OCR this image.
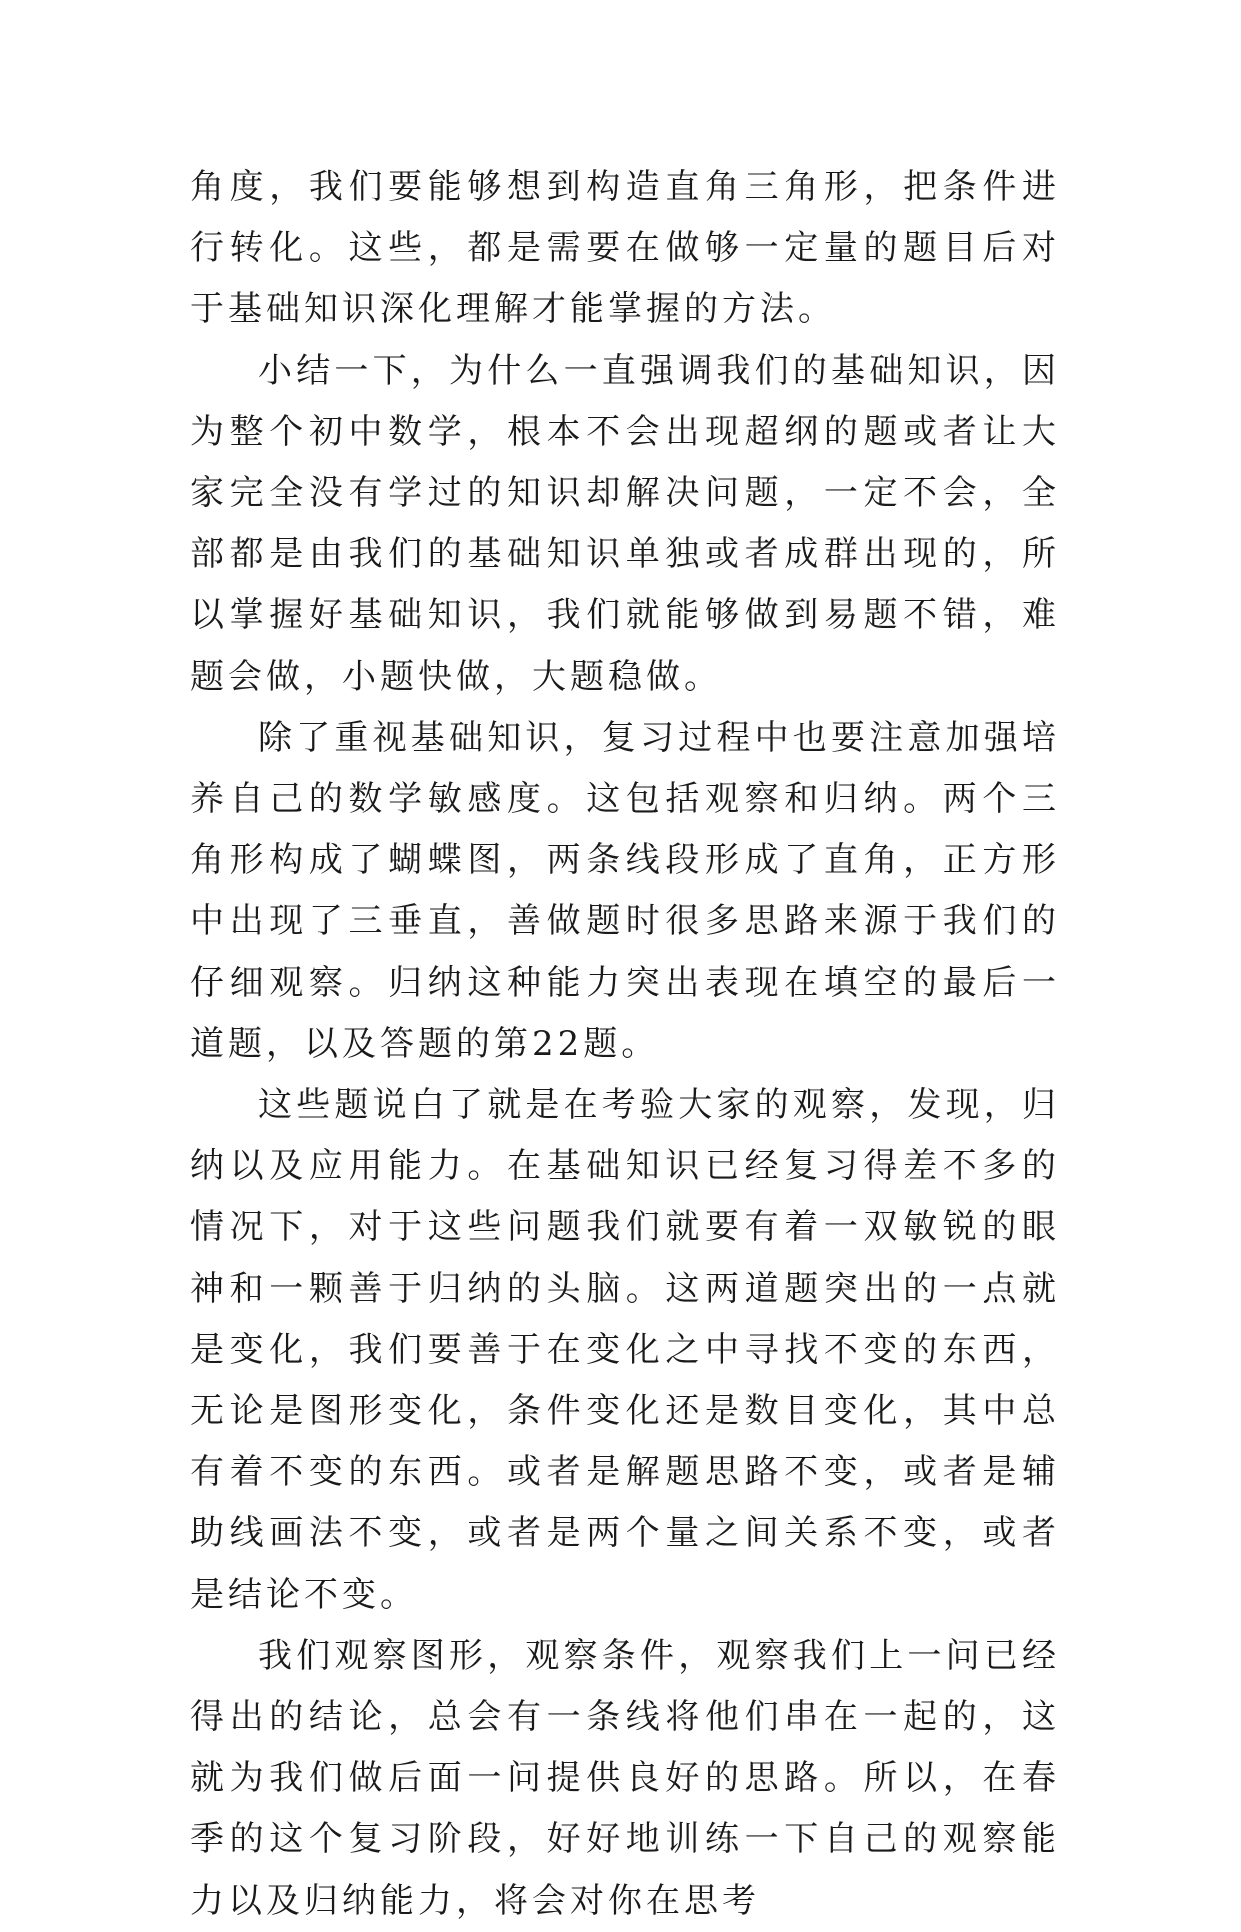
角度，我们要能够想到构造直角三角形，把条件进行转化。这些，都是需要在做够一定量的题目后对于基础知识深化理解才能掌握的方法。

小结一下，为什么一直强调我们的基础知识，因为整个初中数学，根本不会出现超纲的题或者让大家完全没有学过的知识却解决问题，一定不会，全部都是由我们的基础知识单独或者成群出现的，所以掌握好基础知识，我们就能够做到易题不错，难题会做，小题快做，大题稳做。

除了重视基础知识，复习过程中也要注意加强培养自己的数学敏感度。这包括观察和归纳。两个三角形构成了蝴蝶图，两条线段形成了直角，正方形中出现了三垂直，善做题时很多思路来源于我们的仔细观察。归纳这种能力突出表现在填空的最后一道题，以及答题的第22题。

这些题说白了就是在考验大家的观察，发现，归纳以及应用能力。在基础知识已经复习得差不多的情况下，对于这些问题我们就要有着一双敏锐的眼神和一颗善于归纳的头脑。这两道题突出的一点就是变化，我们要善于在变化之中寻找不变的东西，无论是图形变化，条件变化还是数目变化，其中总有着不变的东西。或者是解题思路不变，或者是辅助线画法不变，或者是两个量之间关系不变，或者是结论不变。

我们观察图形，观察条件，观察我们上一问已经得出的结论，总会有一条线将他们串在一起的，这就为我们做后面一问提供良好的思路。所以，在春季的这个复习阶段，好好地训练一下自己的观察能力以及归纳能力，将会对你在思考
